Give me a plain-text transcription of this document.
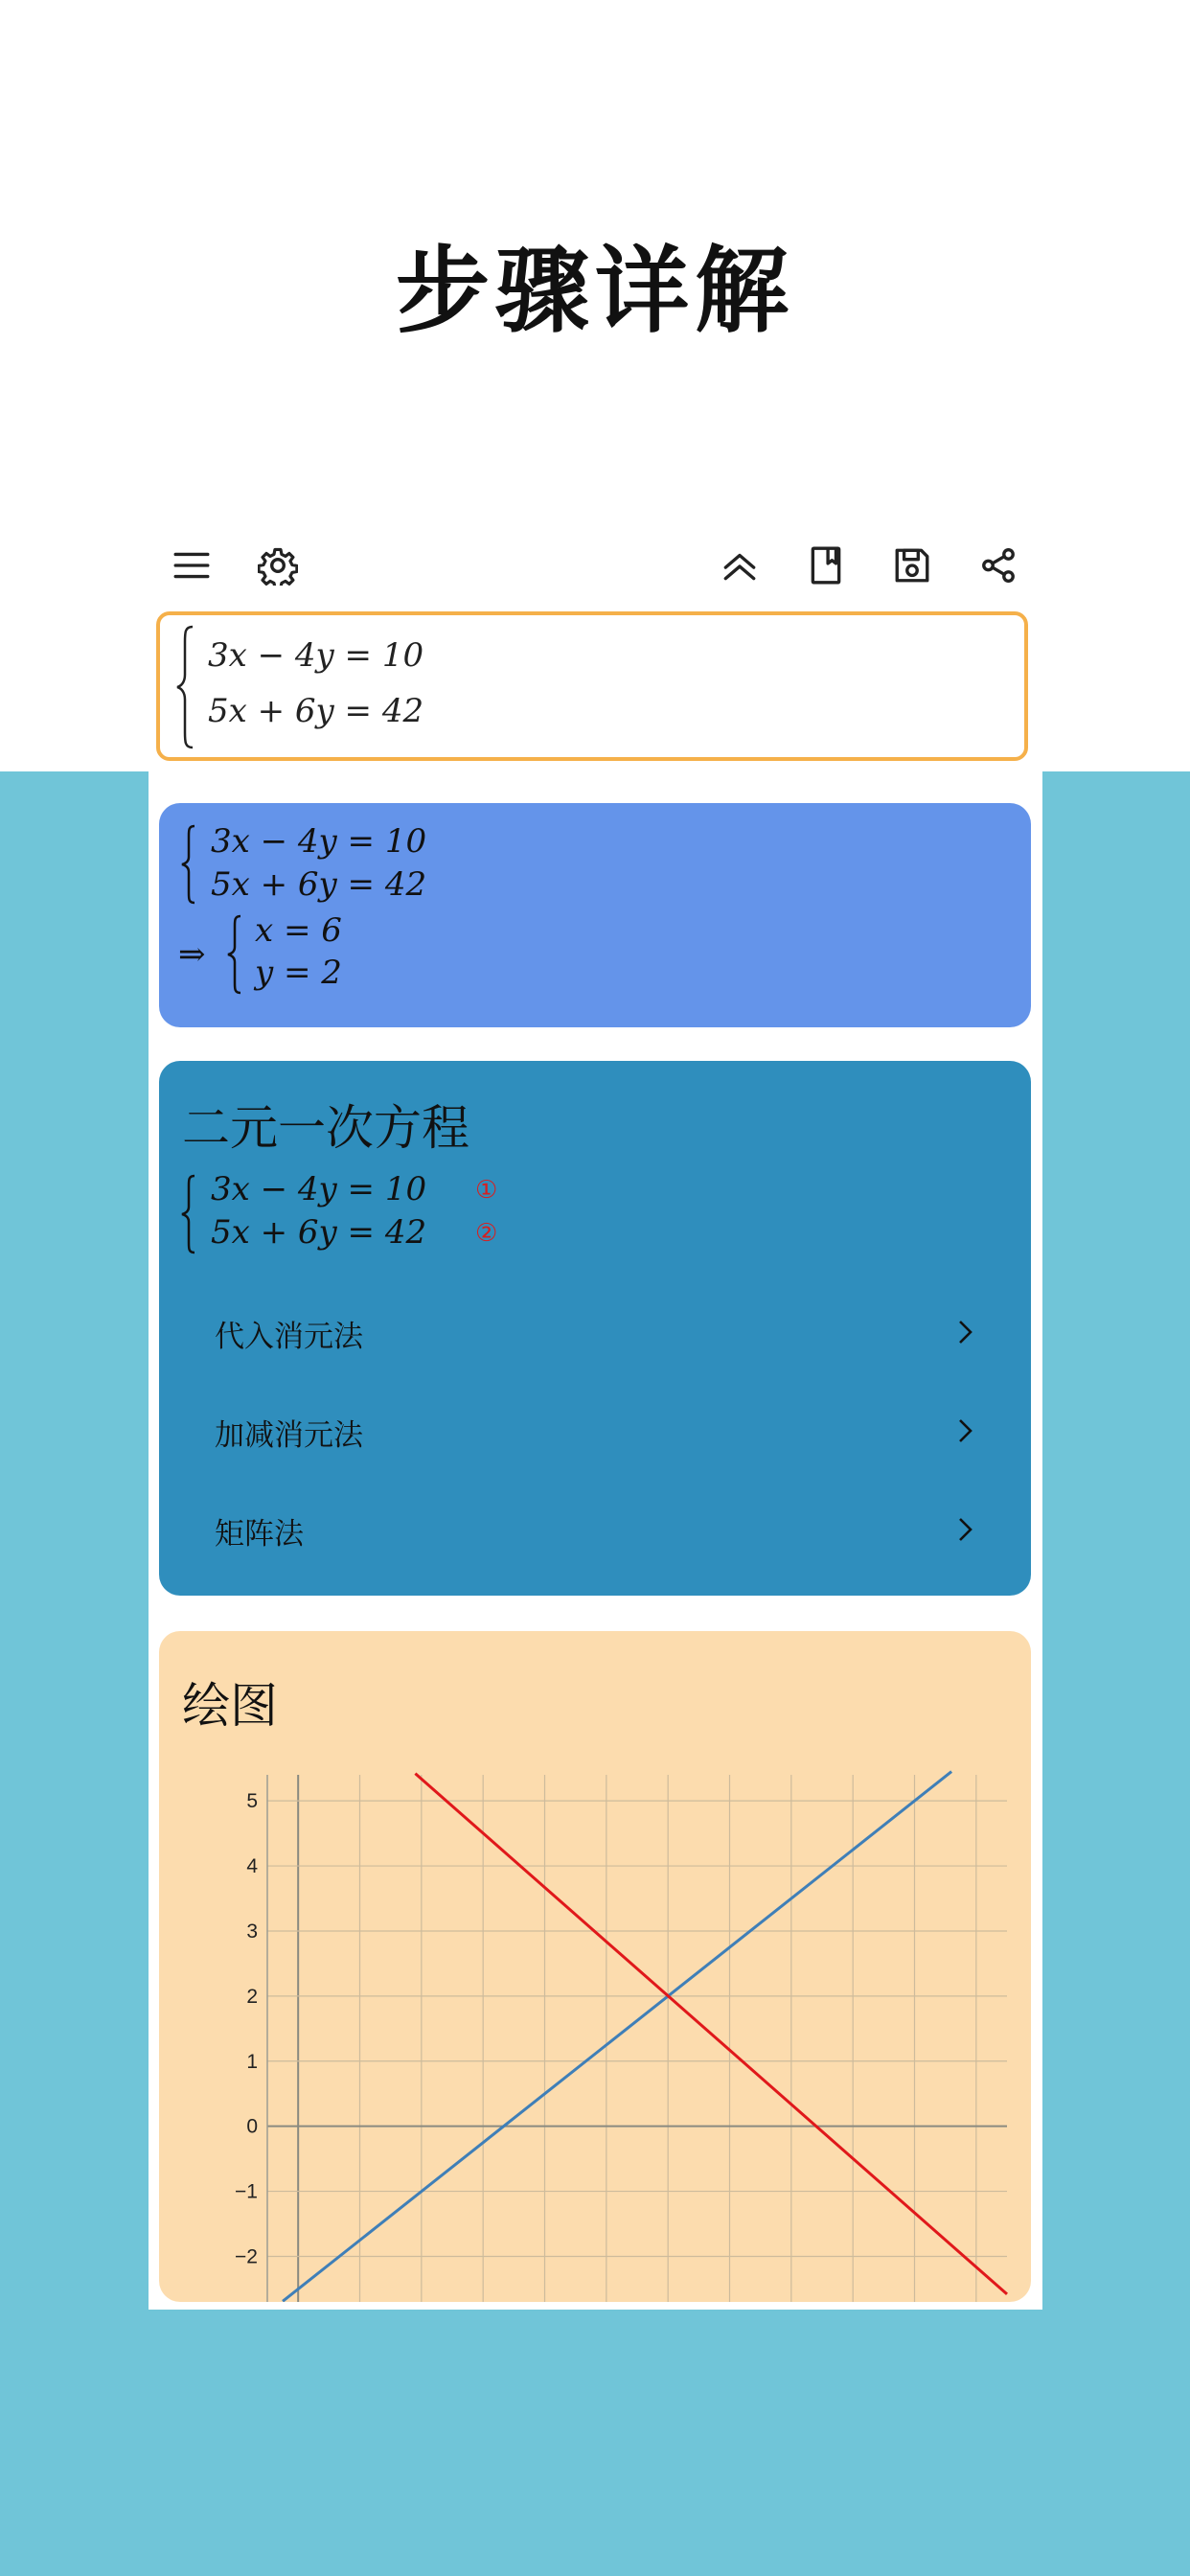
步骤详解
3x − 4y = 10
5x + 6y = 42
3x − 4y = 10
5x + 6y = 42
⇒
x = 6
y = 2
二元一次方程
3x − 4y = 10
5x + 6y = 42
①
②
代入消元法
加减消元法
矩阵法
绘图
5
4
3
2
1
0
−1
−2
